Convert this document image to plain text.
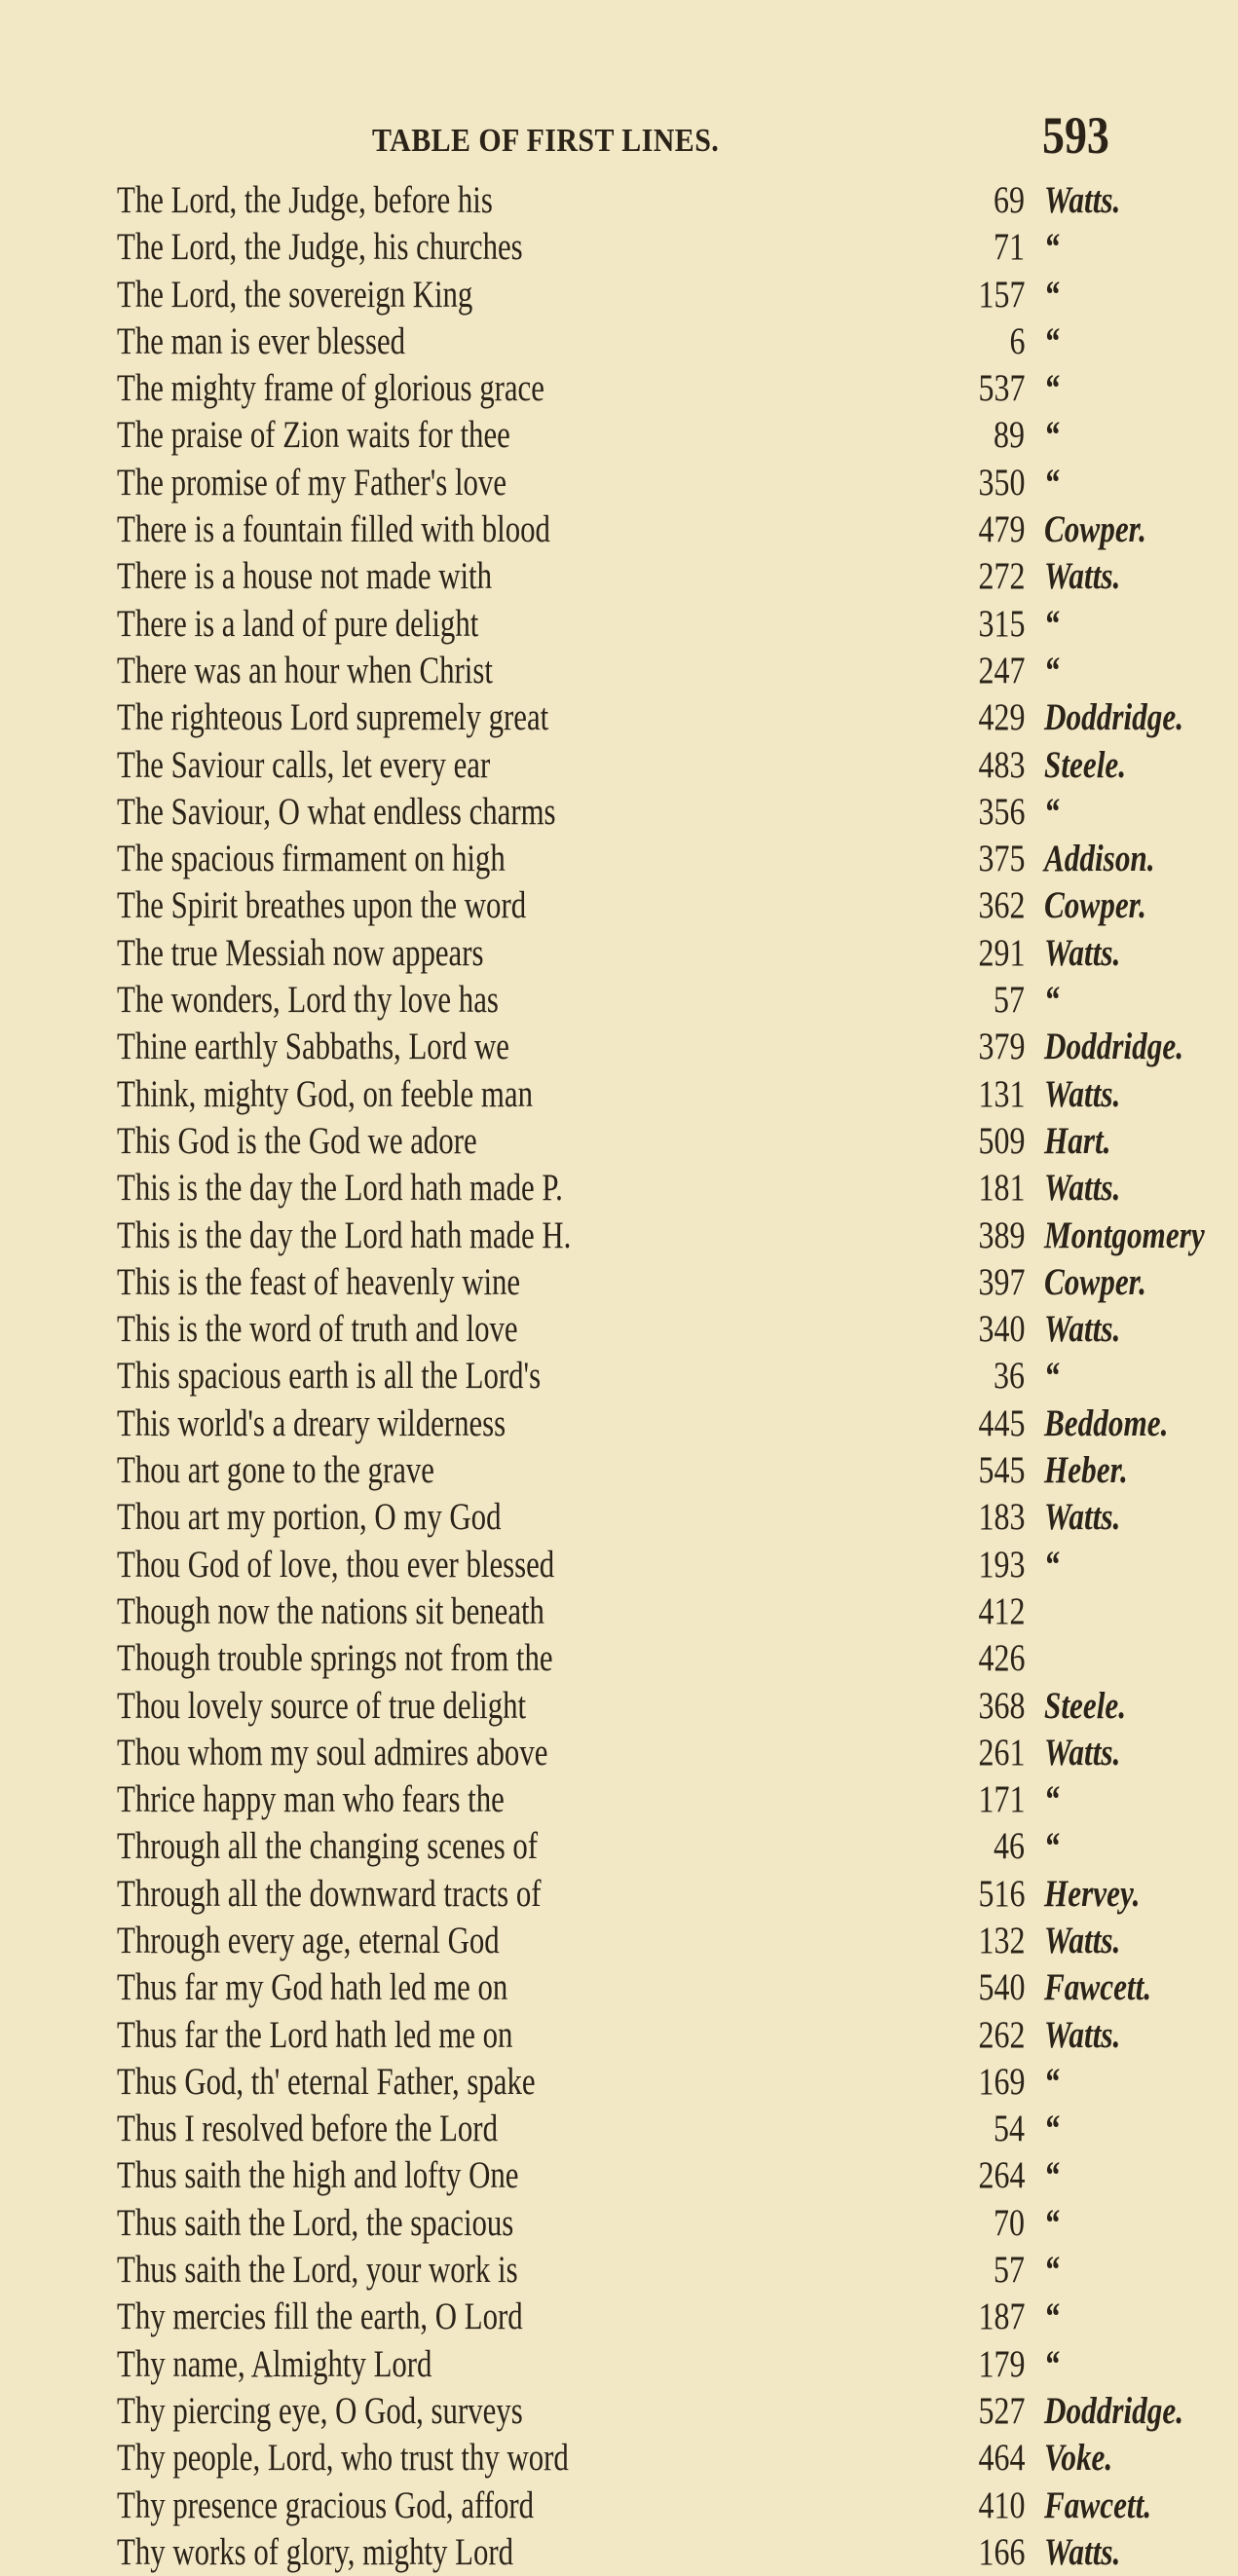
TABLE OF FIRST LINES.	593
The Lord, the Judge, before his	69 Watts.
The Lord, the Judge, his churches	71 “
The Lord, the sovereign King	157 “
The man is ever blessed	6 “
The mighty frame of glorious grace	537 “
The praise of Zion waits for thee	89 “
The promise of my Father's love	350 “
There is a fountain filled with blood	479 Cowper.
There is a house not made with	272 Watts.
There is a land of pure delight	315 “
There was an hour when Christ	247 “
The righteous Lord supremely great	429 Doddridge.
The Saviour calls, let every ear	483 Steele.
The Saviour, O what endless charms	356 “
The spacious firmament on high	375 Addison.
The Spirit breathes upon the word	362 Cowper.
The true Messiah now appears	291 Watts.
The wonders, Lord thy love has	57 “
Thine earthly Sabbaths, Lord we	379 Doddridge.
Think, mighty God, on feeble man	131 Watts.
This God is the God we adore	509 Hart.
This is the day the Lord hath made P.	181 Watts.
This is the day the Lord hath made H.	389 Montgomery
This is the feast of heavenly wine	397 Cowper.
This is the word of truth and love	340 Watts.
This spacious earth is all the Lord's	36 “
This world's a dreary wilderness	445 Beddome.
Thou art gone to the grave	545 Heber.
Thou art my portion, O my God	183 Watts.
Thou God of love, thou ever blessed	193 “
Though now the nations sit beneath	412
Though trouble springs not from the	426
Thou lovely source of true delight	368 Steele.
Thou whom my soul admires above	261 Watts.
Thrice happy man who fears the	171 “
Through all the changing scenes of	46 “
Through all the downward tracts of	516 Hervey.
Through every age, eternal God	132 Watts.
Thus far my God hath led me on	540 Fawcett.
Thus far the Lord hath led me on	262 Watts.
Thus God, th' eternal Father, spake	169 “
Thus I resolved before the Lord	54 “
Thus saith the high and lofty One	264 “
Thus saith the Lord, the spacious	70 “
Thus saith the Lord, your work is	57 “
Thy mercies fill the earth, O Lord	187 “
Thy name, Almighty Lord	179 “
Thy piercing eye, O God, surveys	527 Doddridge.
Thy people, Lord, who trust thy word	464 Voke.
Thy presence gracious God, afford	410 Fawcett.
Thy works of glory, mighty Lord	166 Watts.
